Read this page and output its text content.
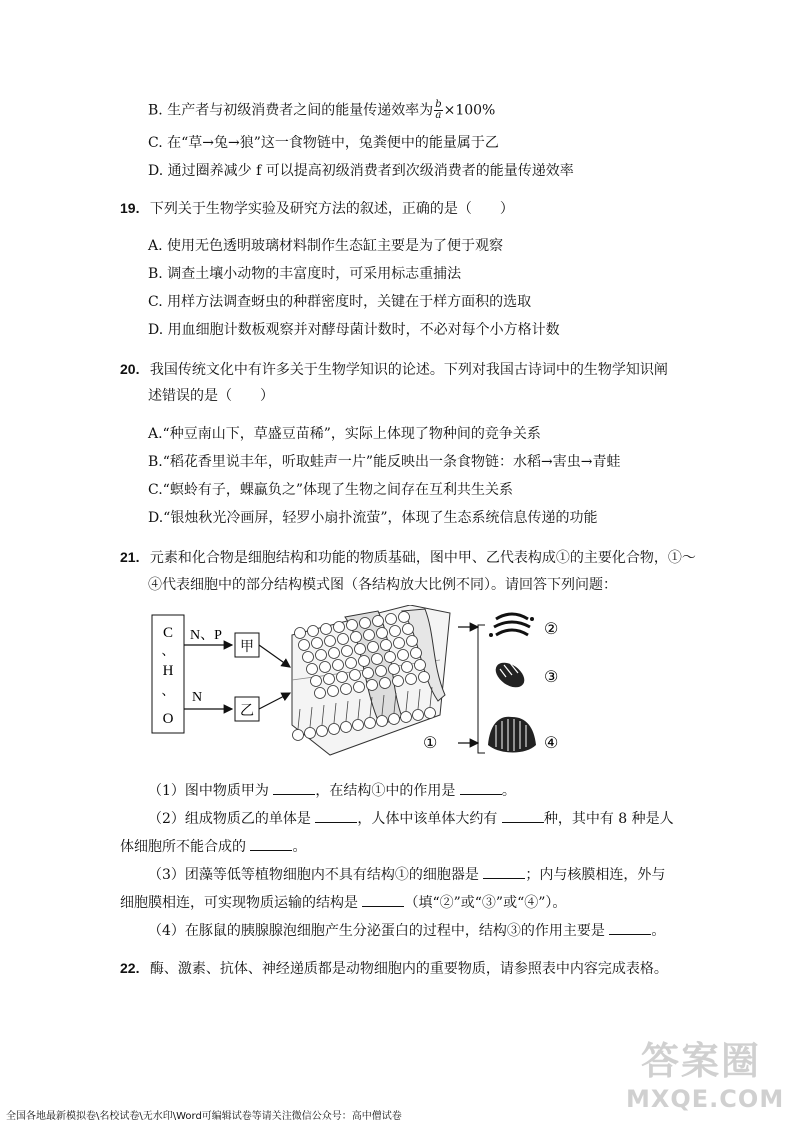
B. 生产者与初级消费者之间的能量传递效率为 $\frac{b}{a} \times 100\%$
C. 在“草→兔→狼”这一食物链中，兔粪便中的能量属于乙
D. 通过圈养减少 f 可以提高初级消费者到次级消费者的能量传递效率
19. 下列关于生物学实验及研究方法的叙述，正确的是（　　）
A. 使用无色透明玻璃材料制作生态缸主要是为了便于观察
B. 调查土壤小动物的丰富度时，可采用标志重捕法
C. 用样方法调查蚜虫的种群密度时，关键在于样方面积的选取
D. 用血细胞计数板观察并对酵母菌计数时，不必对每个小方格计数
20. 我国传统文化中有许多关于生物学知识的论述。下列对我国古诗词中的生物学知识阐
述错误的是（　　）
A.“种豆南山下，草盛豆苗稀”，实际上体现了物种间的竞争关系
B.“稻花香里说丰年，听取蛙声一片”能反映出一条食物链：水稻→害虫→青蛙
C.“螟蛉有子，蜾蠃负之”体现了生物之间存在互利共生关系
D.“银烛秋光冷画屏，轻罗小扇扑流萤”，体现了生态系统信息传递的功能
21. 元素和化合物是细胞结构和功能的物质基础，图中甲、乙代表构成①的主要化合物，①～
④代表细胞中的部分结构模式图（各结构放大比例不同）。请回答下列问题：
C
、
H
、
O
N、P
N
甲
乙
①
②
③
④
（1）图中物质甲为	，在结构①中的作用是	。
（2）组成物质乙的单体是	，人体中该单体大约有	种，其中有 8 种是人
体细胞所不能合成的	。
（3）团藻等低等植物细胞内不具有结构①的细胞器是	；内与核膜相连，外与
细胞膜相连，可实现物质运输的结构是	（填“②”或“③”或“④”）。
（4）在豚鼠的胰腺腺泡细胞产生分泌蛋白的过程中，结构③的作用主要是	。
22. 酶、激素、抗体、神经递质都是动物细胞内的重要物质，请参照表中内容完成表格。
答案圈
MXQE.COM
全国各地最新模拟卷\名校试卷\无水印\Word可编辑试卷等请关注微信公众号：高中僧试卷
